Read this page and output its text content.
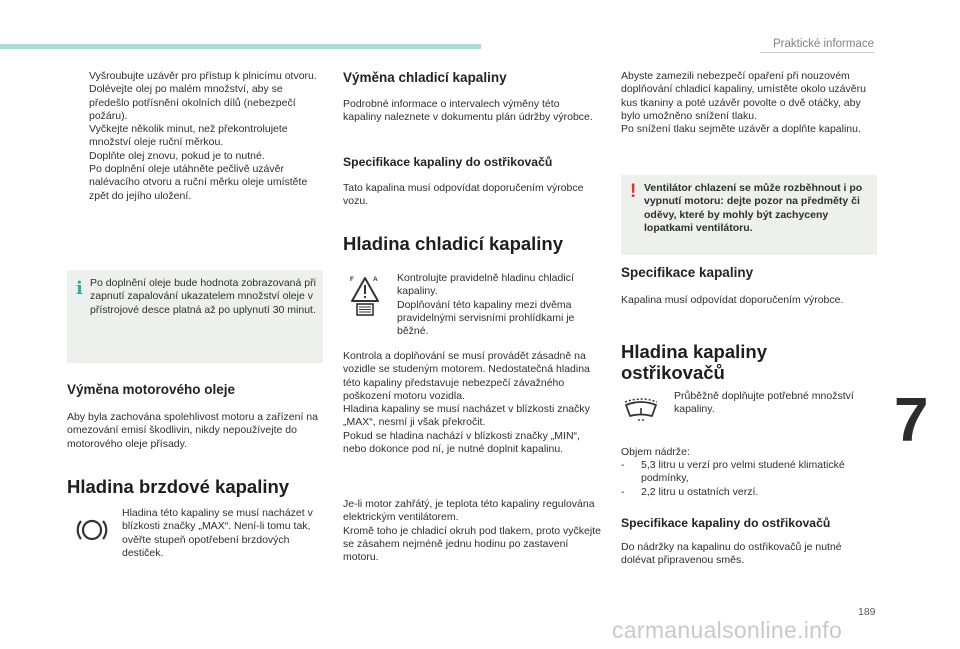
Praktické informace
Vyšroubujte uzávěr pro přístup k plnicímu otvoru.
Dolévejte olej po malém množství, aby se předešlo potřísnění okolních dílů (nebezpečí požáru).
Vyčkejte několik minut, než překontrolujete množství oleje ruční měrkou.
Doplňte olej znovu, pokud je to nutné.
Po doplnění oleje utáhněte pečlivě uzávěr nalévacího otvoru a ruční měrku oleje umístěte zpět do jejího uložení.
i Po doplnění oleje bude hodnota zobrazovaná při zapnutí zapalování ukazatelem množství oleje v přístrojové desce platná až po uplynutí 30 minut.
Výměna motorového oleje
Aby byla zachována spolehlivost motoru a zařízení na omezování emisí škodlivin, nikdy nepoužívejte do motorového oleje přísady.
Hladina brzdové kapaliny
Hladina této kapaliny se musí nacházet v blízkosti značky „MAX“. Není-li tomu tak, ověřte stupeň opotřebení brzdových destiček.
Výměna chladicí kapaliny
Podrobné informace o intervalech výměny této kapaliny naleznete v dokumentu plán údržby výrobce.
Specifikace kapaliny do ostřikovačů
Tato kapalina musí odpovídat doporučením výrobce vozu.
Hladina chladicí kapaliny
F	A Kontrolujte pravidelně hladinu chladicí kapaliny.
Doplňování této kapaliny mezi dvěma pravidelnými servisními prohlídkami je běžné.
Kontrola a doplňování se musí provádět zásadně na vozidle se studeným motorem. Nedostatečná hladina této kapaliny představuje nebezpečí závažného poškození motoru vozidla.
Hladina kapaliny se musí nacházet v blízkosti značky „MAX“, nesmí ji však překročit.
Pokud se hladina nachází v blízkosti značky „MIN“, nebo dokonce pod ní, je nutné doplnit kapalinu.
Je-li motor zahřátý, je teplota této kapaliny regulována elektrickým ventilátorem.
Kromě toho je chladicí okruh pod tlakem, proto vyčkejte se zásahem nejméně jednu hodinu po zastavení motoru.
Abyste zamezili nebezpečí opaření při nouzovém doplňování chladicí kapaliny, umístěte okolo uzávěru kus tkaniny a poté uzávěr povolte o dvě otáčky, aby bylo umožněno snížení tlaku.
Po snížení tlaku sejměte uzávěr a doplňte kapalinu.
! Ventilátor chlazení se může rozběhnout i po vypnutí motoru: dejte pozor na předměty či oděvy, které by mohly být zachyceny lopatkami ventilátoru.
Specifikace kapaliny
Kapalina musí odpovídat doporučením výrobce.
Hladina kapaliny ostřikovačů
Průběžně doplňujte potřebné množství kapaliny.
Objem nádrže:
- 5,3 litru u verzí pro velmi studené klimatické podmínky,
- 2,2 litru u ostatních verzí.
Specifikace kapaliny do ostřikovačů
Do nádržky na kapalinu do ostřikovačů je nutné dolévat připravenou směs.
7
189
carmanualsonline.info
